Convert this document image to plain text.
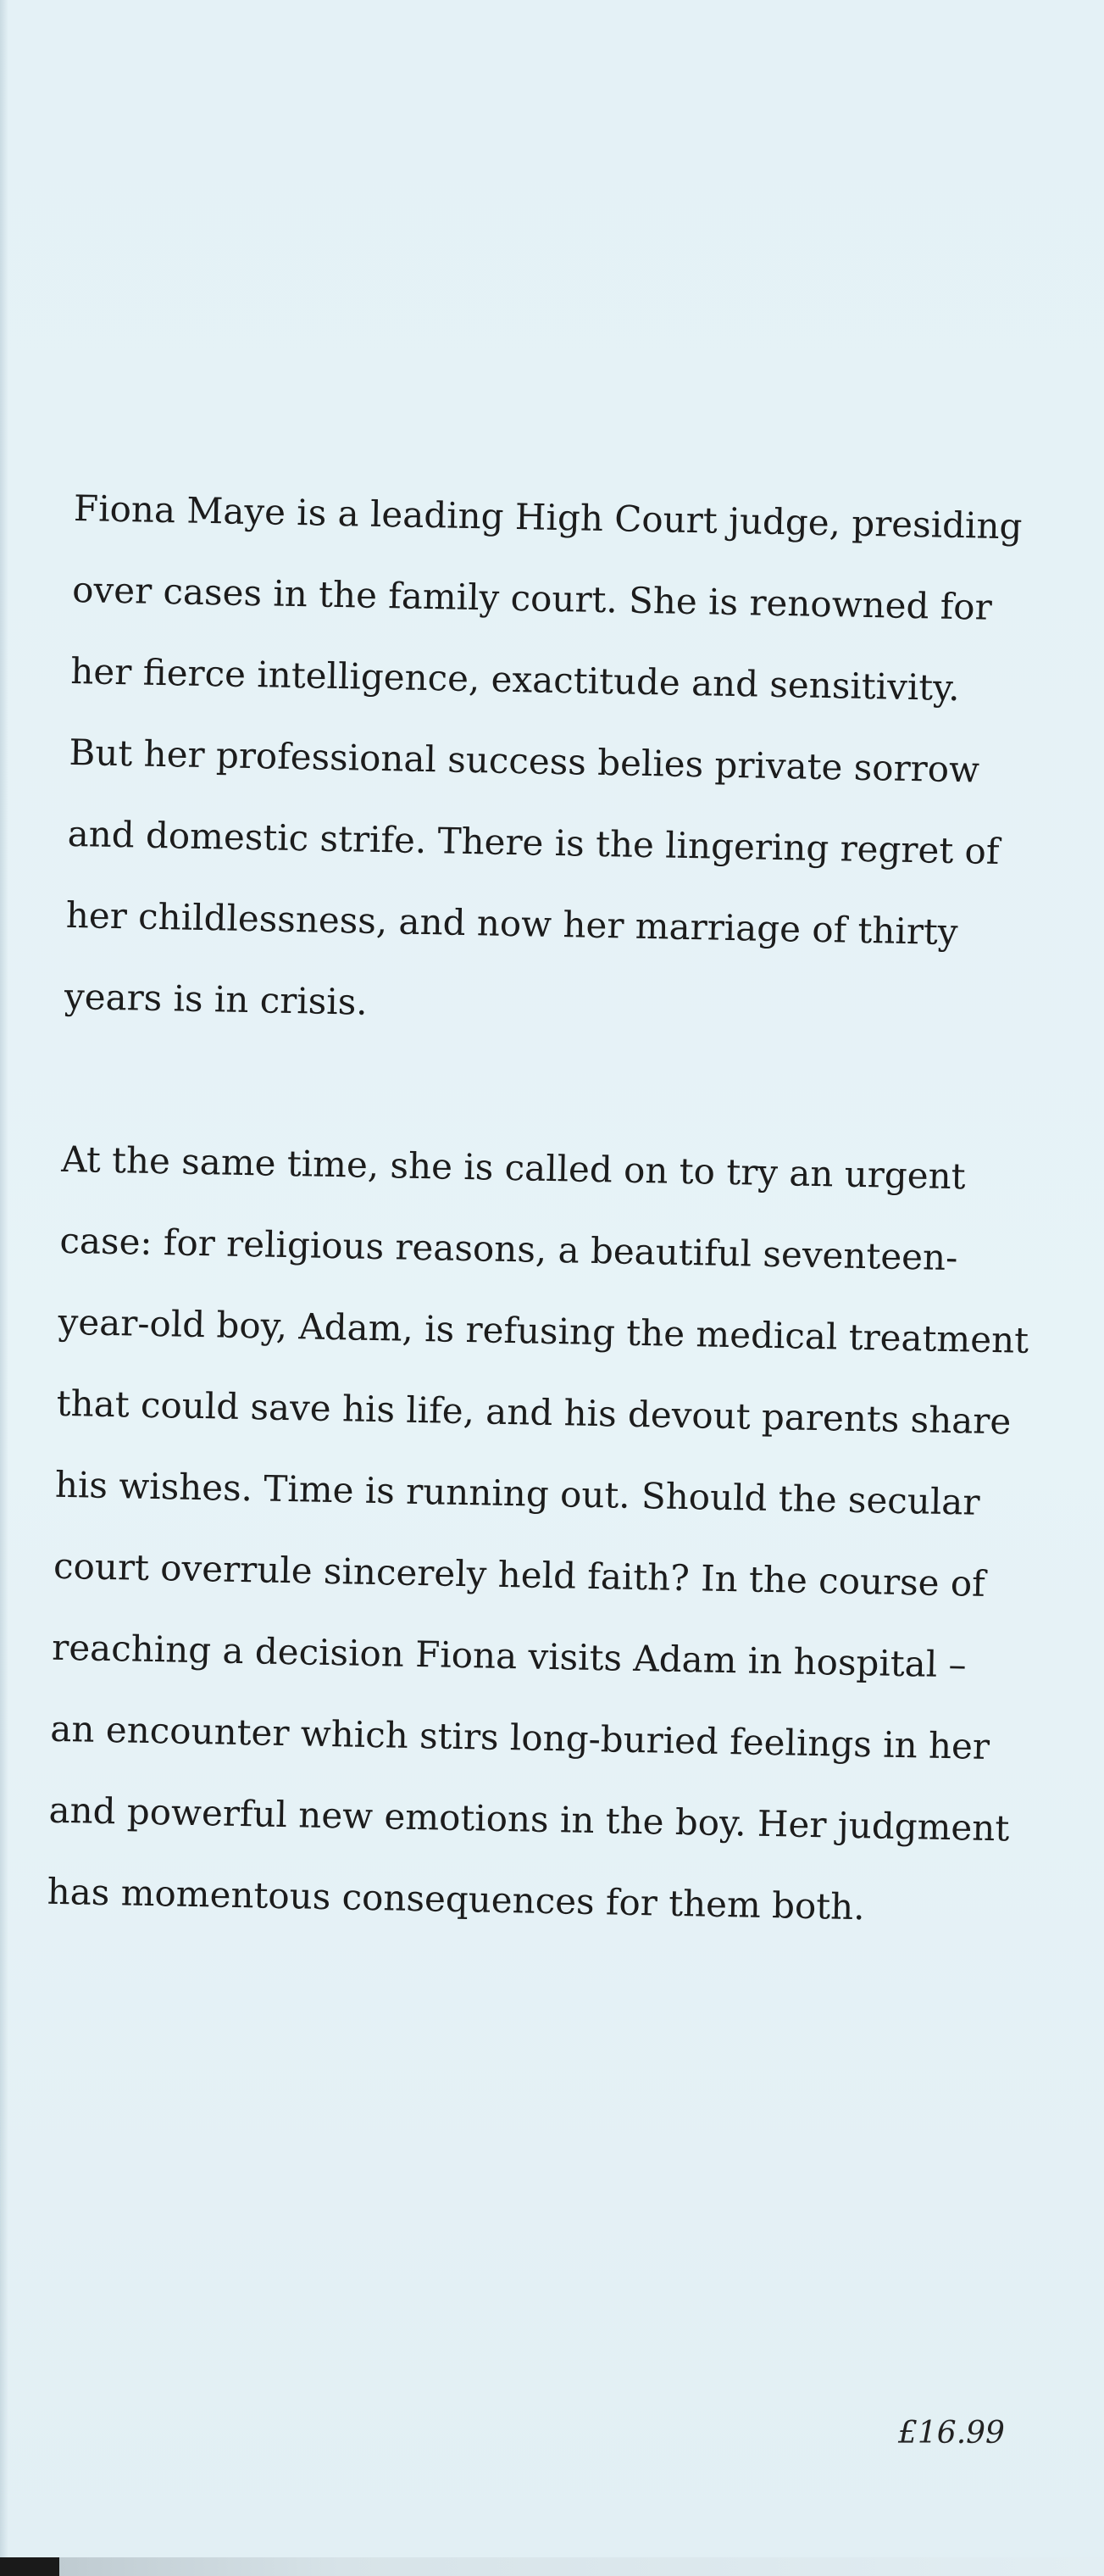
Fiona Maye is a leading High Court judge, presiding
over cases in the family court. She is renowned for
her fierce intelligence, exactitude and sensitivity.
But her professional success belies private sorrow
and domestic strife. There is the lingering regret of
her childlessness, and now her marriage of thirty
years is in crisis.

At the same time, she is called on to try an urgent
case: for religious reasons, a beautiful seventeen-
year-old boy, Adam, is refusing the medical treatment
that could save his life, and his devout parents share
his wishes. Time is running out. Should the secular
court overrule sincerely held faith? In the course of
reaching a decision Fiona visits Adam in hospital –
an encounter which stirs long-buried feelings in her
and powerful new emotions in the boy. Her judgment
has momentous consequences for them both.

£16.99
